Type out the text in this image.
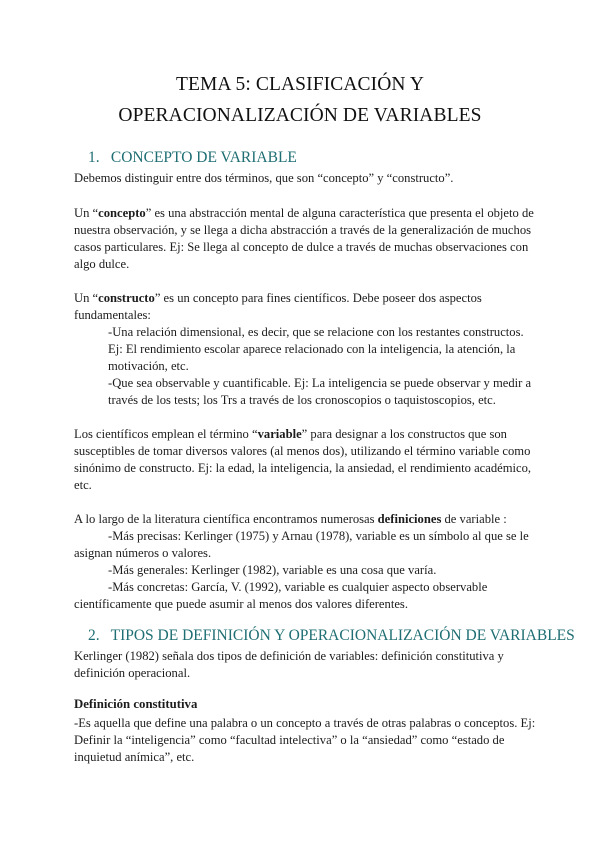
TEMA 5: CLASIFICACIÓN Y
OPERACIONALIZACIÓN DE VARIABLES
1. CONCEPTO DE VARIABLE
Debemos distinguir entre dos términos, que son “concepto” y “constructo”.
Un “concepto” es una abstracción mental de alguna característica que presenta el objeto de
nuestra observación, y se llega a dicha abstracción a través de la generalización de muchos
casos particulares. Ej: Se llega al concepto de dulce a través de muchas observaciones con
algo dulce.
Un “constructo” es un concepto para fines científicos. Debe poseer dos aspectos
fundamentales:
-Una relación dimensional, es decir, que se relacione con los restantes constructos.
Ej: El rendimiento escolar aparece relacionado con la inteligencia, la atención, la
motivación, etc.
-Que sea observable y cuantificable. Ej: La inteligencia se puede observar y medir a
través de los tests; los Trs a través de los cronoscopios o taquistoscopios, etc.
Los científicos emplean el término “variable” para designar a los constructos que son
susceptibles de tomar diversos valores (al menos dos), utilizando el término variable como
sinónimo de constructo. Ej: la edad, la inteligencia, la ansiedad, el rendimiento académico,
etc.
A lo largo de la literatura científica encontramos numerosas definiciones de variable :
-Más precisas: Kerlinger (1975) y Arnau (1978), variable es un símbolo al que se le
asignan números o valores.
-Más generales: Kerlinger (1982), variable es una cosa que varía.
-Más concretas: García, V. (1992), variable es cualquier aspecto observable
científicamente que puede asumir al menos dos valores diferentes.
2. TIPOS DE DEFINICIÓN Y OPERACIONALIZACIÓN DE VARIABLES
Kerlinger (1982) señala dos tipos de definición de variables: definición constitutiva y
definición operacional.
Definición constitutiva
-Es aquella que define una palabra o un concepto a través de otras palabras o conceptos. Ej:
Definir la “inteligencia” como “facultad intelectiva” o la “ansiedad” como “estado de
inquietud anímica”, etc.
